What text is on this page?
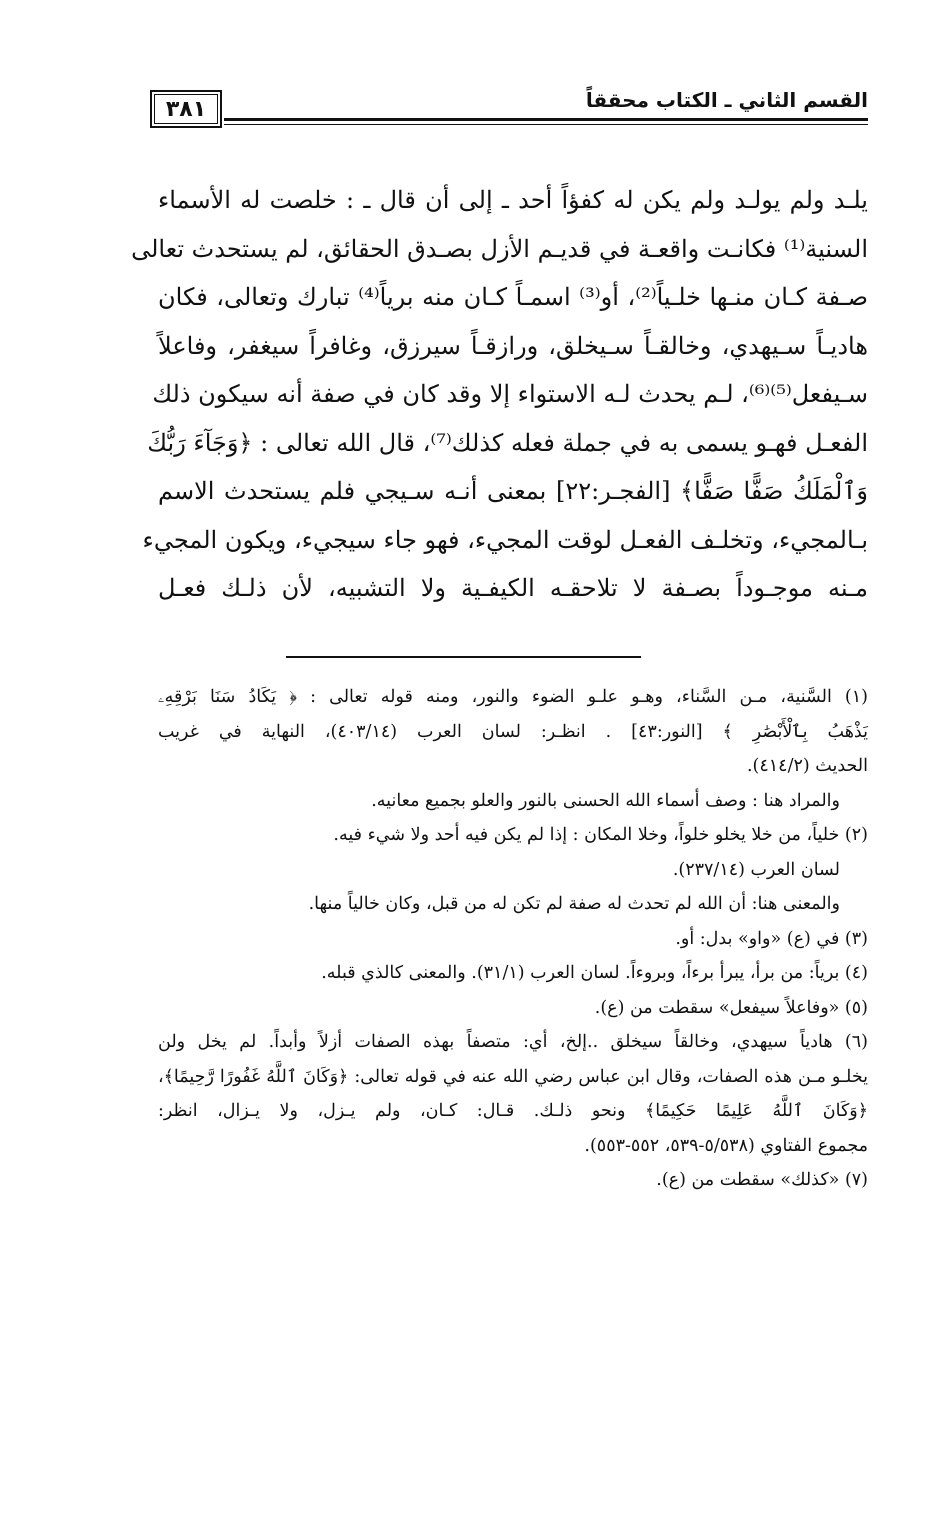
القسم الثاني ـ الكتاب محققاً
٣٨١

يلـد ولم يولـد ولم يكن له كفؤاً أحد ـ إلى أن قال ـ : خلصت له الأسماء
السنية⁽¹⁾ فكانـت واقعـة في قديـم الأزل بصـدق الحقائق، لم يستحدث تعالى
صـفة كـان منـها خلـياً⁽²⁾، أو⁽³⁾ اسمـاً كـان منه برياً⁽⁴⁾ تبارك وتعالى، فكان
هاديـاً سـيهدي، وخالقـاً سـيخلق، ورازقـاً سيرزق، وغافراً سيغفر، وفاعلاً
سـيفعل⁽⁵⁾⁽⁶⁾، لـم يحدث لـه الاستواء إلا وقد كان في صفة أنه سيكون ذلك
الفعـل فهـو يسمى به في جملة فعله كذلك⁽⁷⁾، قال الله تعالى : ﴿وَجَآءَ رَبُّكَ
وَٱلْمَلَكُ صَفًّا صَفًّا﴾ [الفجـر:٢٢] بمعنى أنـه سـيجي فلم يستحدث الاسم
بـالمجيء، وتخلـف الفعـل لوقت المجيء، فهو جاء سيجيء، ويكون المجيء
مـنه موجـوداً بصـفة لا تلاحقـه الكيفـية ولا التشبيه، لأن ذلـك فعـل

(١) السَّنية، مـن السَّناء، وهـو علـو الضوء والنور، ومنه قوله تعالى : ﴿ يَكَادُ سَنَا بَرْقِهِۦ
يَذْهَبُ بِٱلْأَبْصَٰرِ ﴾ [النور:٤٣] . انظـر: لسان العرب (٤٠٣/١٤)، النهاية في غريب
الحديث (٤١٤/٢).
والمراد هنا : وصف أسماء الله الحسنى بالنور والعلو بجميع معانيه.
(٢) خلياً، من خلا يخلو خلواً، وخلا المكان : إذا لم يكن فيه أحد ولا شيء فيه.
لسان العرب (٢٣٧/١٤).
والمعنى هنا: أن الله لم تحدث له صفة لم تكن له من قبل، وكان خالياً منها.
(٣) في (ع) «واو» بدل: أو.
(٤) برياً: من برأ، يبرأ برءاً، وبروءاً. لسان العرب (٣١/١). والمعنى كالذي قبله.
(٥) «وفاعلاً سيفعل» سقطت من (ع).
(٦) هادياً سيهدي، وخالقاً سيخلق ..إلخ، أي: متصفاً بهذه الصفات أزلاً وأبداً. لم يخل ولن
يخلـو مـن هذه الصفات، وقال ابن عباس رضي الله عنه في قوله تعالى: ﴿وَكَانَ ٱللَّهُ غَفُورًا رَّحِيمًا﴾،
﴿وَكَانَ ٱللَّهُ عَلِيمًا حَكِيمًا﴾ ونحو ذلـك. قـال: كـان، ولم يـزل، ولا يـزال، انظر:
مجموع الفتاوي (٥/٥٣٨-٥٣٩، ٥٥٢-٥٥٣).
(٧) «كذلك» سقطت من (ع).
